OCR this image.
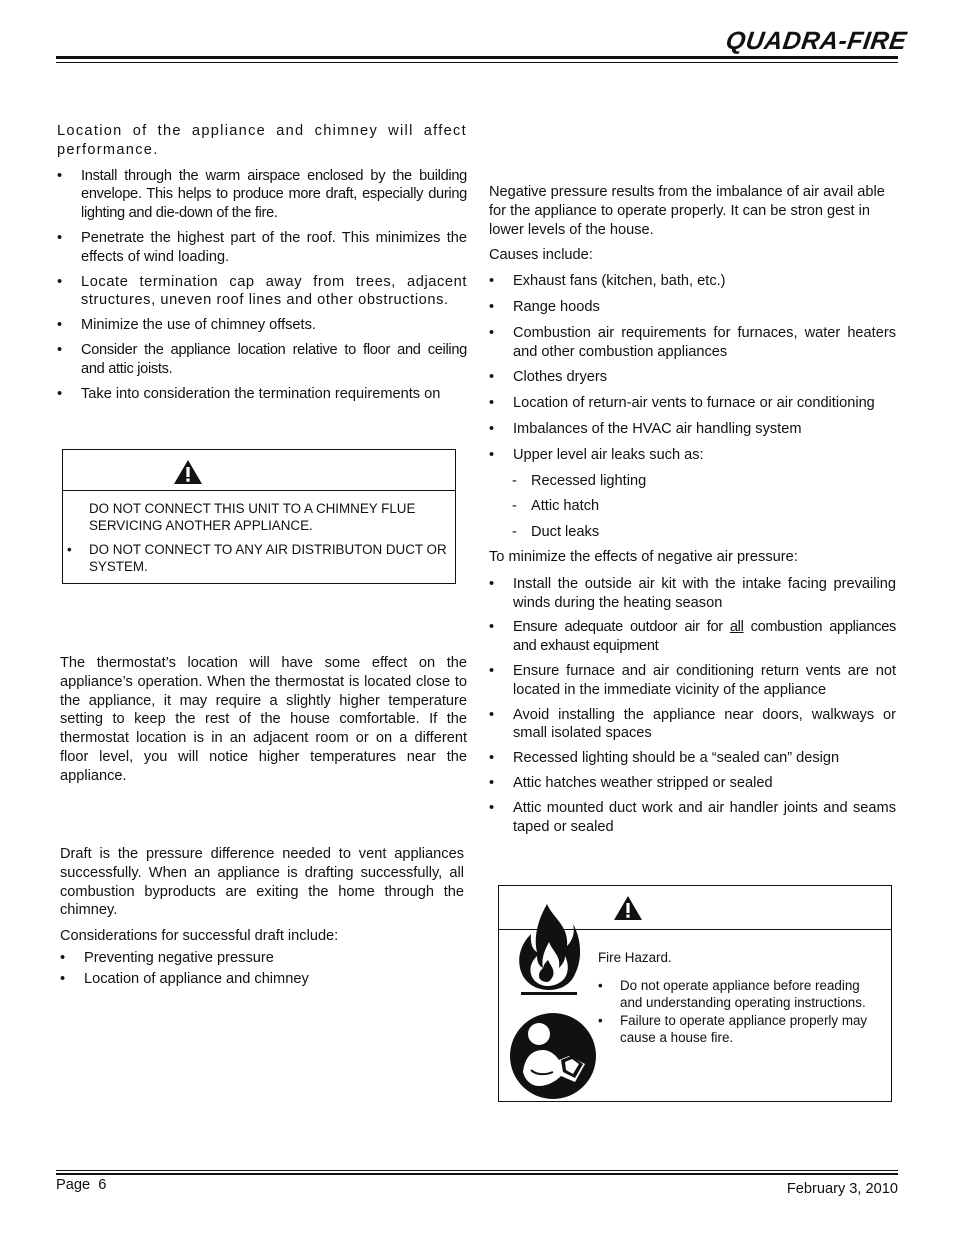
QUADRA-FIRE

Location of the appliance and chimney will affect performance.

• Install through the warm airspace enclosed by the building envelope. This helps to produce more draft, especially during lighting and die-down of the fire.
• Penetrate the highest part of the roof. This minimizes the effects of wind loading.
• Locate termination cap away from trees, adjacent structures, uneven roof lines and other obstructions.
• Minimize the use of chimney offsets.
• Consider the appliance location relative to floor and ceiling and attic joists.
• Take into consideration the termination requirements on
DO NOT CONNECT THIS UNIT TO A CHIMNEY FLUE SERVICING ANOTHER APPLIANCE.
• DO NOT CONNECT TO ANY AIR DISTRIBUTON DUCT OR SYSTEM.

The thermostat’s location will have some effect on the appliance’s operation. When the thermostat is located close to the appliance, it may require a slightly higher temperature setting to keep the rest of the house comfortable. If the thermostat location is in an adjacent room or on a different floor level, you will notice higher temperatures near the appliance.

Draft is the pressure difference needed to vent appliances successfully. When an appliance is drafting successfully, all combustion byproducts are exiting the home through the chimney.

Considerations for successful draft include:

• Preventing negative pressure
• Location of appliance and chimney

Negative pressure results from the imbalance of air avail able for the appliance to operate properly. It can be stron gest in lower levels of the house.

Causes include:

• Exhaust fans (kitchen, bath, etc.)
• Range hoods
• Combustion air requirements for furnaces, water heaters and other combustion appliances
• Clothes dryers
• Location of return-air vents to furnace or air conditioning
• Imbalances of the HVAC air handling system
• Upper level air leaks such as:
- Recessed lighting
- Attic hatch
- Duct leaks

To minimize the effects of negative air pressure:

• Install the outside air kit with the intake facing prevailing winds during the heating season
• Ensure adequate outdoor air for all combustion appliances and exhaust equipment
• Ensure furnace and air conditioning return vents are not located in the immediate vicinity of the appliance
• Avoid installing the appliance near doors, walkways or small isolated spaces
• Recessed lighting should be a “sealed can” design
• Attic hatches weather stripped or sealed
• Attic mounted duct work and air handler joints and seams taped or sealed
Fire Hazard.
• Do not operate appliance before reading and understanding operating instructions.
• Failure to operate appliance properly may cause a house fire.
Page  6	February 3, 2010
